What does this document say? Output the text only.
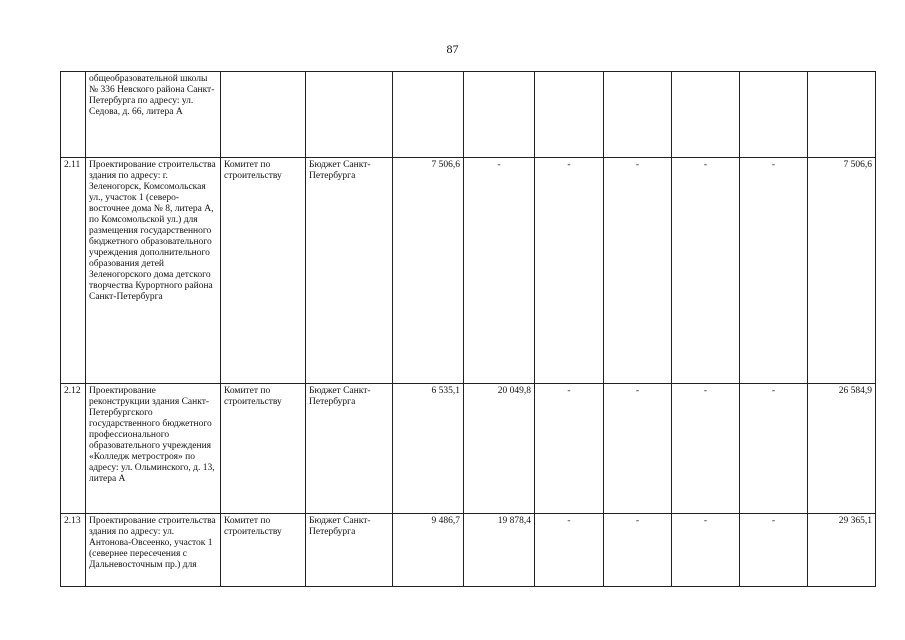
87
	общеобразовательной школы № 336 Невского района Санкт-Петербурга по адресу: ул. Седова, д. 66, литера А									
2.11	Проектирование строительства здания по адресу: г. Зеленогорск, Комсомольская ул., участок 1 (северо-восточнее дома № 8, литера А, по Комсомольской ул.) для размещения государственного бюджетного образовательного учреждения дополнительного образования детей Зеленогорского дома детского творчества Курортного района Санкт-Петербурга	Комитет по строительству	Бюджет Санкт-Петербурга	7 506,6	-	-	-	-	-	7 506,6
2.12	Проектирование реконструкции здания Санкт-Петербургского государственного бюджетного профессионального образовательного учреждения «Колледж метростроя» по адресу: ул. Ольминского, д. 13, литера А	Комитет по строительству	Бюджет Санкт-Петербурга	6 535,1	20 049,8	-	-	-	-	26 584,9
2.13	Проектирование строительства здания по адресу: ул. Антонова-Овсеенко, участок 1 (севернее пересечения с Дальневосточным пр.) для	Комитет по строительству	Бюджет Санкт-Петербурга	9 486,7	19 878,4	-	-	-	-	29 365,1
